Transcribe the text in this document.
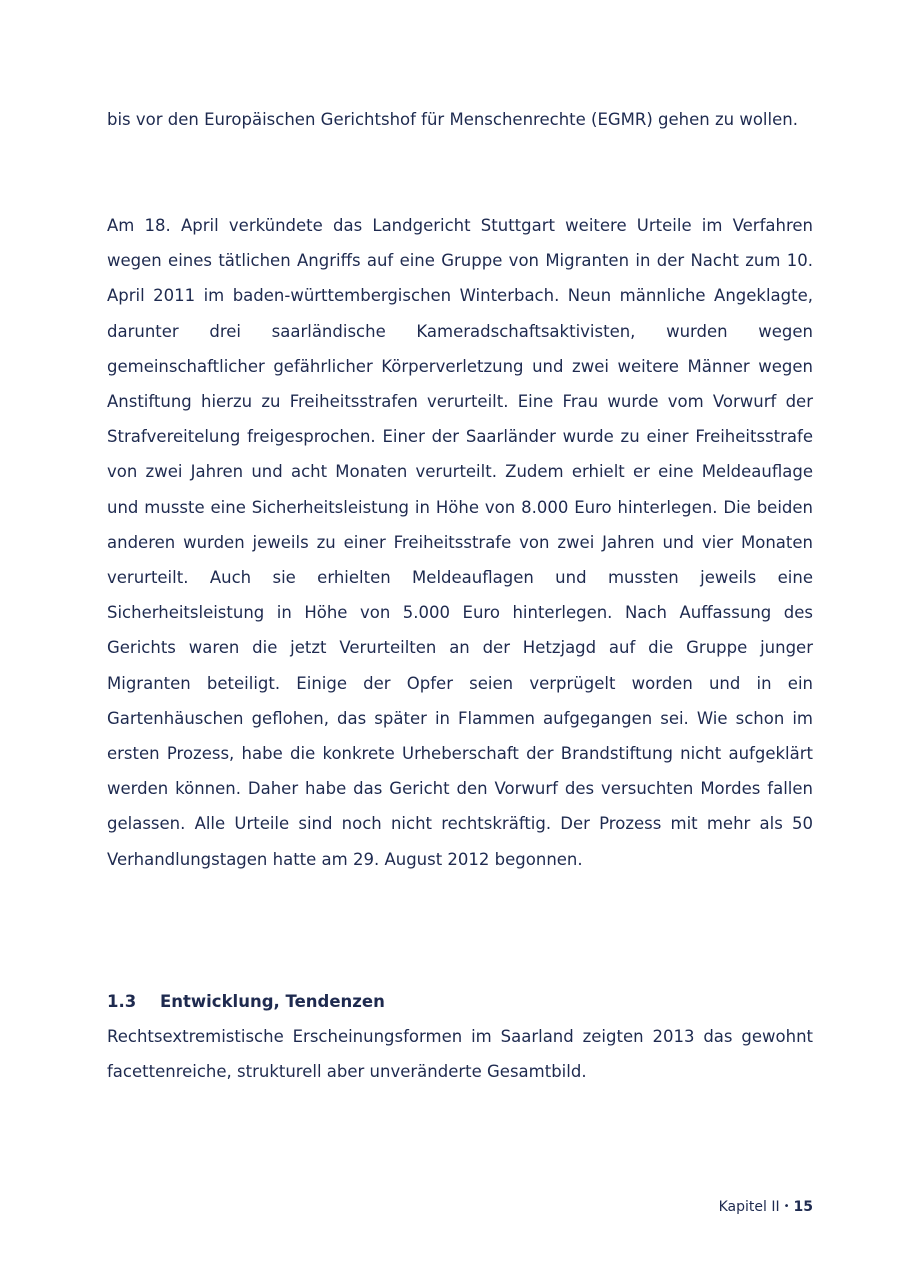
bis vor den Europäischen Gerichtshof für Menschenrechte (EGMR) gehen zu wollen.

Am 18. April verkündete das Landgericht Stuttgart weitere Urteile im Verfahren wegen eines tätlichen Angriffs auf eine Gruppe von Migranten in der Nacht zum 10. April 2011 im baden-württembergischen Winterbach. Neun männliche Angeklagte, darunter drei saarländische Kameradschaftsaktivisten, wurden wegen gemeinschaftlicher gefährlicher Körperverletzung und zwei weitere Männer wegen Anstiftung hierzu zu Freiheitsstrafen verurteilt. Eine Frau wurde vom Vorwurf der Strafvereitelung freigesprochen. Einer der Saarländer wurde zu einer Freiheitsstrafe von zwei Jahren und acht Monaten verurteilt. Zudem erhielt er eine Meldeauflage und musste eine Sicherheitsleistung in Höhe von 8.000 Euro hinterlegen. Die beiden anderen wurden jeweils zu einer Freiheitsstrafe von zwei Jahren und vier Monaten verurteilt. Auch sie erhielten Meldeauflagen und mussten jeweils eine Sicherheitsleistung in Höhe von 5.000 Euro hinterlegen. Nach Auffassung des Gerichts waren die jetzt Verurteilten an der Hetzjagd auf die Gruppe junger Migranten beteiligt. Einige der Opfer seien verprügelt worden und in ein Gartenhäuschen geflohen, das später in Flammen aufgegangen sei. Wie schon im ersten Prozess, habe die konkrete Urheberschaft der Brandstiftung nicht aufgeklärt werden können. Daher habe das Gericht den Vorwurf des versuchten Mordes fallen gelassen. Alle Urteile sind noch nicht rechtskräftig. Der Prozess mit mehr als 50 Verhandlungstagen hatte am 29. August 2012 begonnen.

1.3 Entwicklung, Tendenzen

Rechtsextremistische Erscheinungsformen im Saarland zeigten 2013 das gewohnt facettenreiche, strukturell aber unveränderte Gesamtbild.

Kapitel II • 15
